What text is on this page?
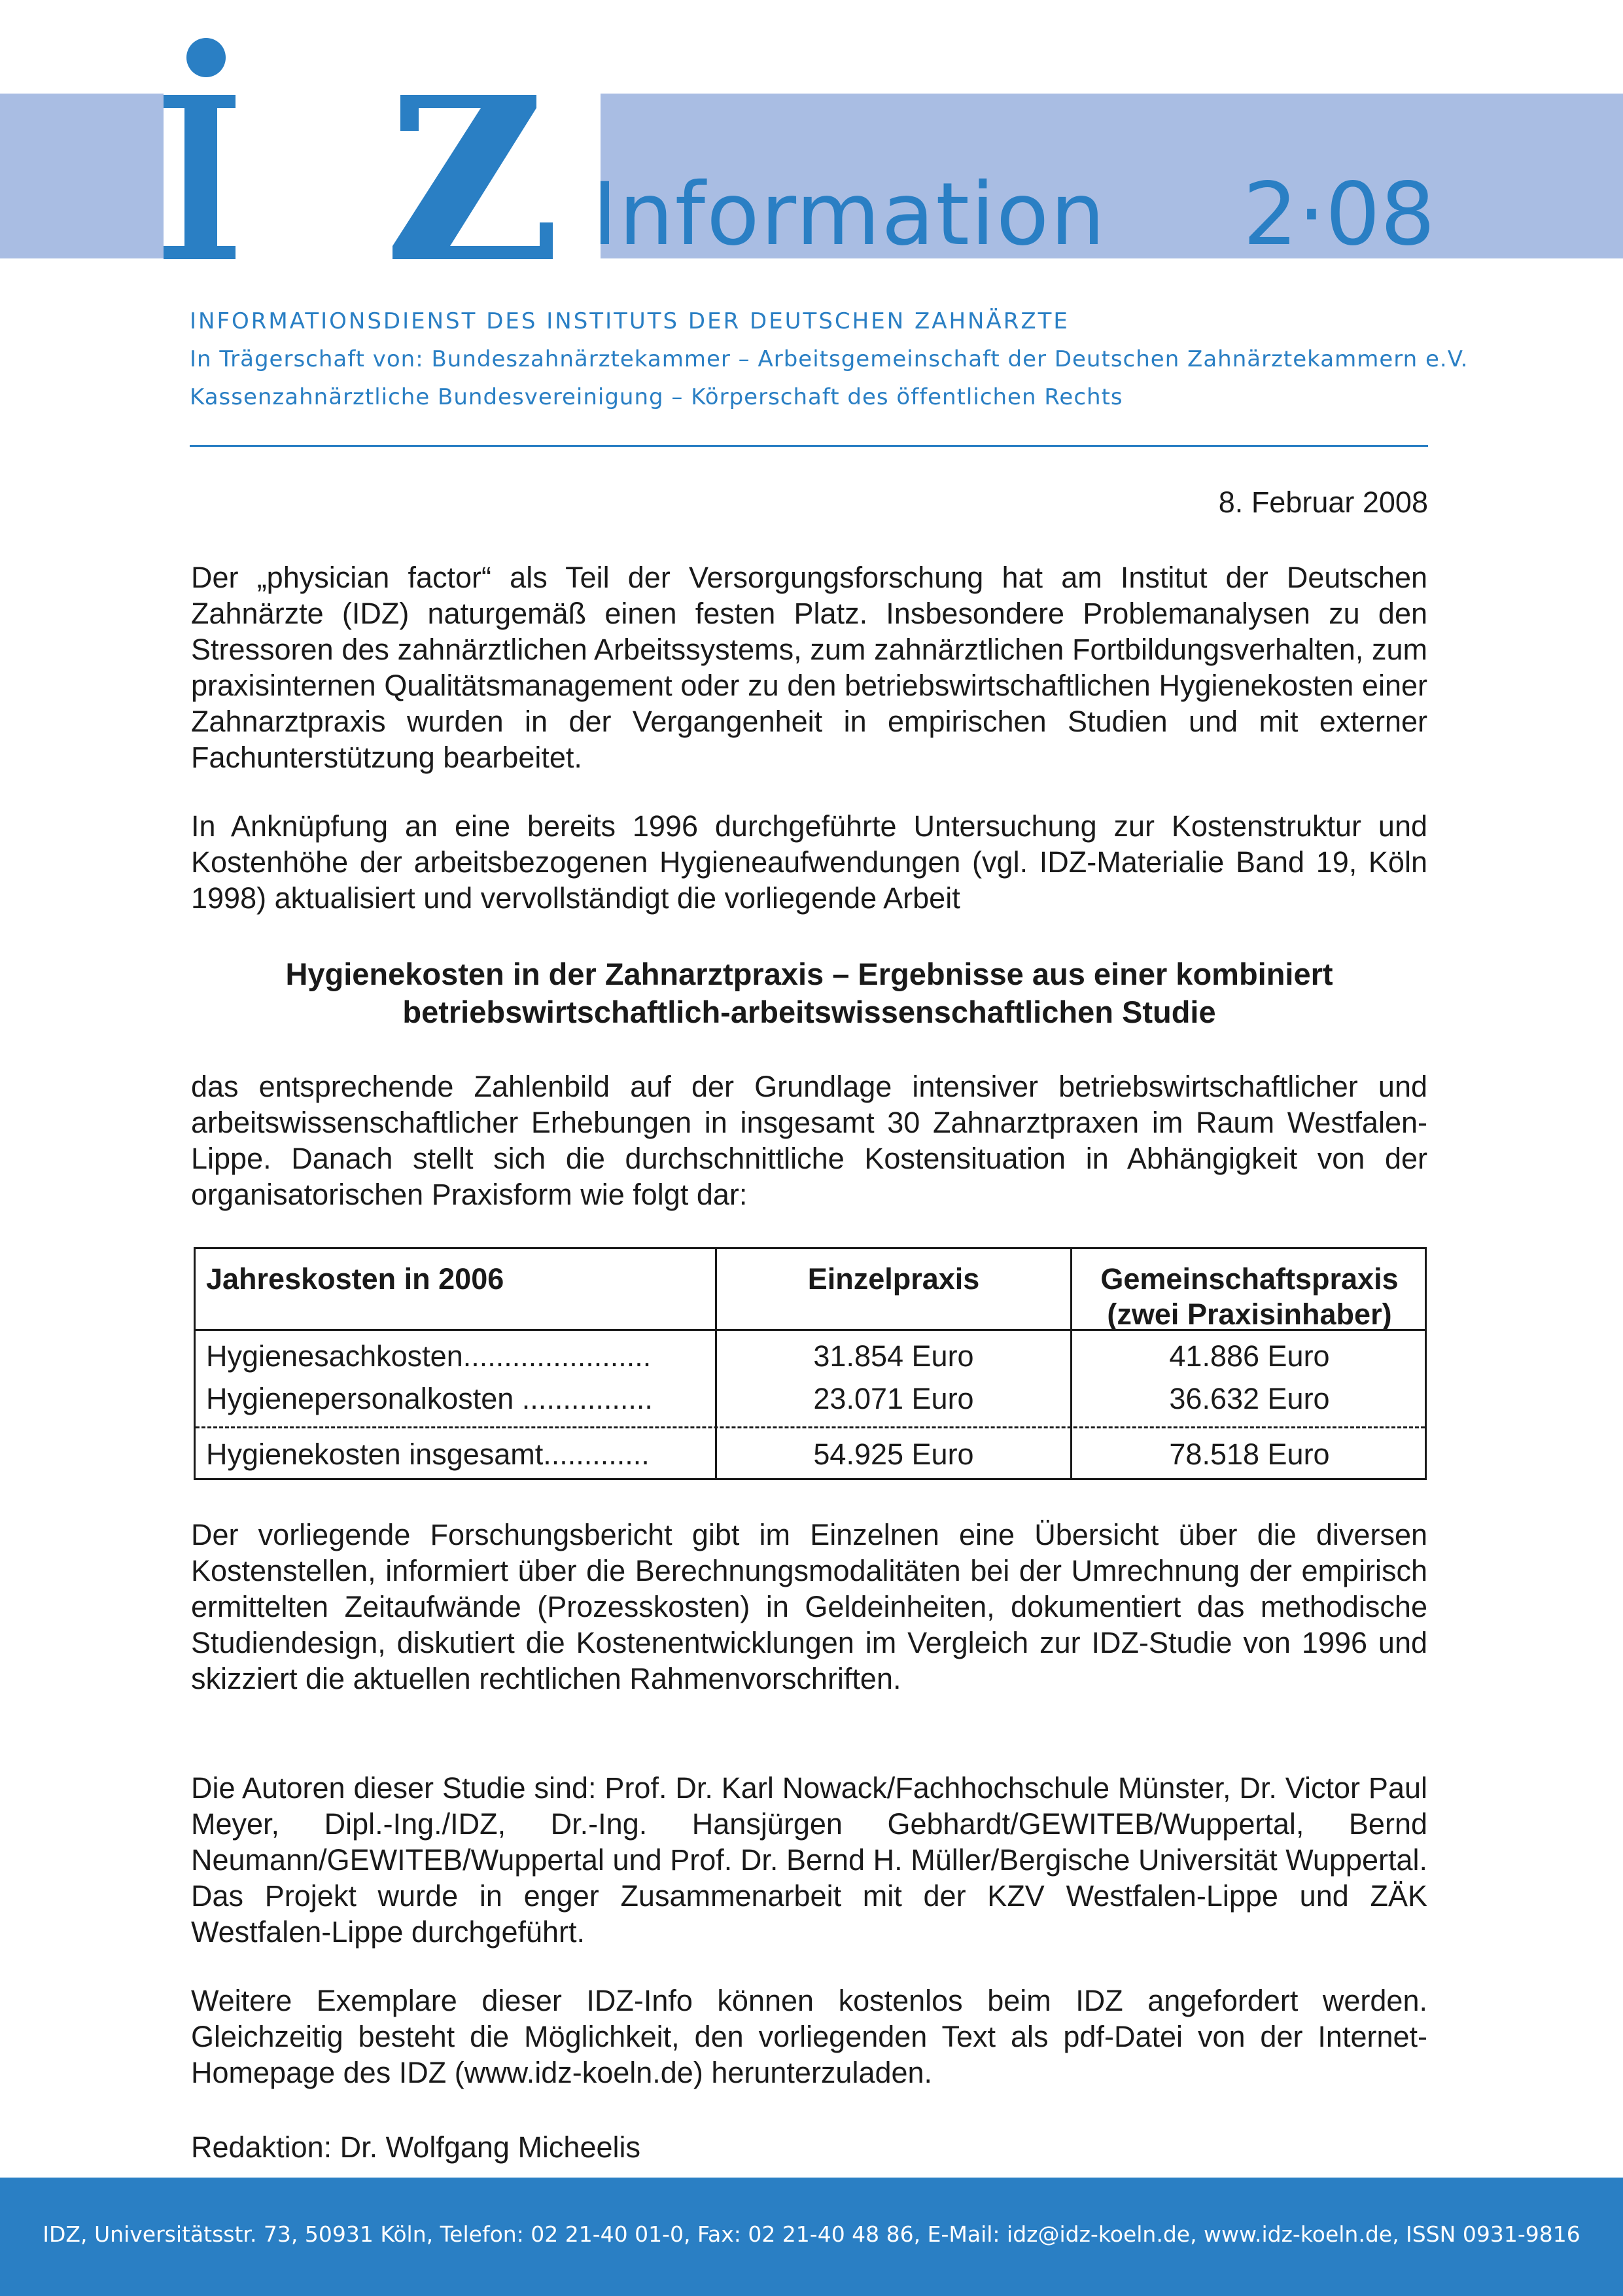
Information 2·08
INFORMATIONSDIENST DES INSTITUTS DER DEUTSCHEN ZAHNÄRZTE
In Trägerschaft von: Bundeszahnärztekammer – Arbeitsgemeinschaft der Deutschen Zahnärztekammern e.V.
Kassenzahnärztliche Bundesvereinigung – Körperschaft des öffentlichen Rechts
8. Februar 2008
Der „physician factor“ als Teil der Versorgungsforschung hat am Institut der Deutschen Zahnärzte (IDZ) naturgemäß einen festen Platz. Insbesondere Problemanalysen zu den Stressoren des zahnärztlichen Arbeitssystems, zum zahnärztlichen Fortbildungsverhalten, zum praxisinternen Qualitätsmanagement oder zu den betriebswirtschaftlichen Hygienekosten einer Zahnarztpraxis wurden in der Vergangenheit in empirischen Studien und mit externer Fachunterstützung bearbeitet.
In Anknüpfung an eine bereits 1996 durchgeführte Untersuchung zur Kostenstruktur und Kostenhöhe der arbeitsbezogenen Hygieneaufwendungen (vgl. IDZ-Materialie Band 19, Köln 1998) aktualisiert und vervollständigt die vorliegende Arbeit
Hygienekosten in der Zahnarztpraxis – Ergebnisse aus einer kombiniert
betriebswirtschaftlich-arbeitswissenschaftlichen Studie
das entsprechende Zahlenbild auf der Grundlage intensiver betriebswirtschaftlicher und arbeitswissenschaftlicher Erhebungen in insgesamt 30 Zahnarztpraxen im Raum Westfalen-Lippe. Danach stellt sich die durchschnittliche Kostensituation in Abhängigkeit von der organisatorischen Praxisform wie folgt dar:
Jahreskosten in 2006	Einzelpraxis	Gemeinschaftspraxis
(zwei Praxisinhaber)
Hygienesachkosten.......................	31.854 Euro	41.886 Euro
Hygienepersonalkosten ................	23.071 Euro	36.632 Euro
Hygienekosten insgesamt.............	54.925 Euro	78.518 Euro
Der vorliegende Forschungsbericht gibt im Einzelnen eine Übersicht über die diversen Kostenstellen, informiert über die Berechnungsmodalitäten bei der Umrechnung der empirisch ermittelten Zeitaufwände (Prozesskosten) in Geldeinheiten, dokumentiert das methodische Studiendesign, diskutiert die Kostenentwicklungen im Vergleich zur IDZ-Studie von 1996 und skizziert die aktuellen rechtlichen Rahmenvorschriften.
Die Autoren dieser Studie sind: Prof. Dr. Karl Nowack/Fachhochschule Münster, Dr. Victor Paul Meyer, Dipl.-Ing./IDZ, Dr.-Ing. Hansjürgen Gebhardt/GEWITEB/Wuppertal, Bernd Neumann/GEWITEB/Wuppertal und Prof. Dr. Bernd H. Müller/Bergische Universität Wuppertal. Das Projekt wurde in enger Zusammenarbeit mit der KZV Westfalen-Lippe und ZÄK Westfalen-Lippe durchgeführt.
Weitere Exemplare dieser IDZ-Info können kostenlos beim IDZ angefordert werden. Gleichzeitig besteht die Möglichkeit, den vorliegenden Text als pdf-Datei von der Internet-Homepage des IDZ (www.idz-koeln.de) herunterzuladen.
Redaktion: Dr. Wolfgang Micheelis
IDZ, Universitätsstr. 73, 50931 Köln, Telefon: 02 21-40 01-0, Fax: 02 21-40 48 86, E-Mail: idz@idz-koeln.de, www.idz-koeln.de, ISSN 0931-9816
